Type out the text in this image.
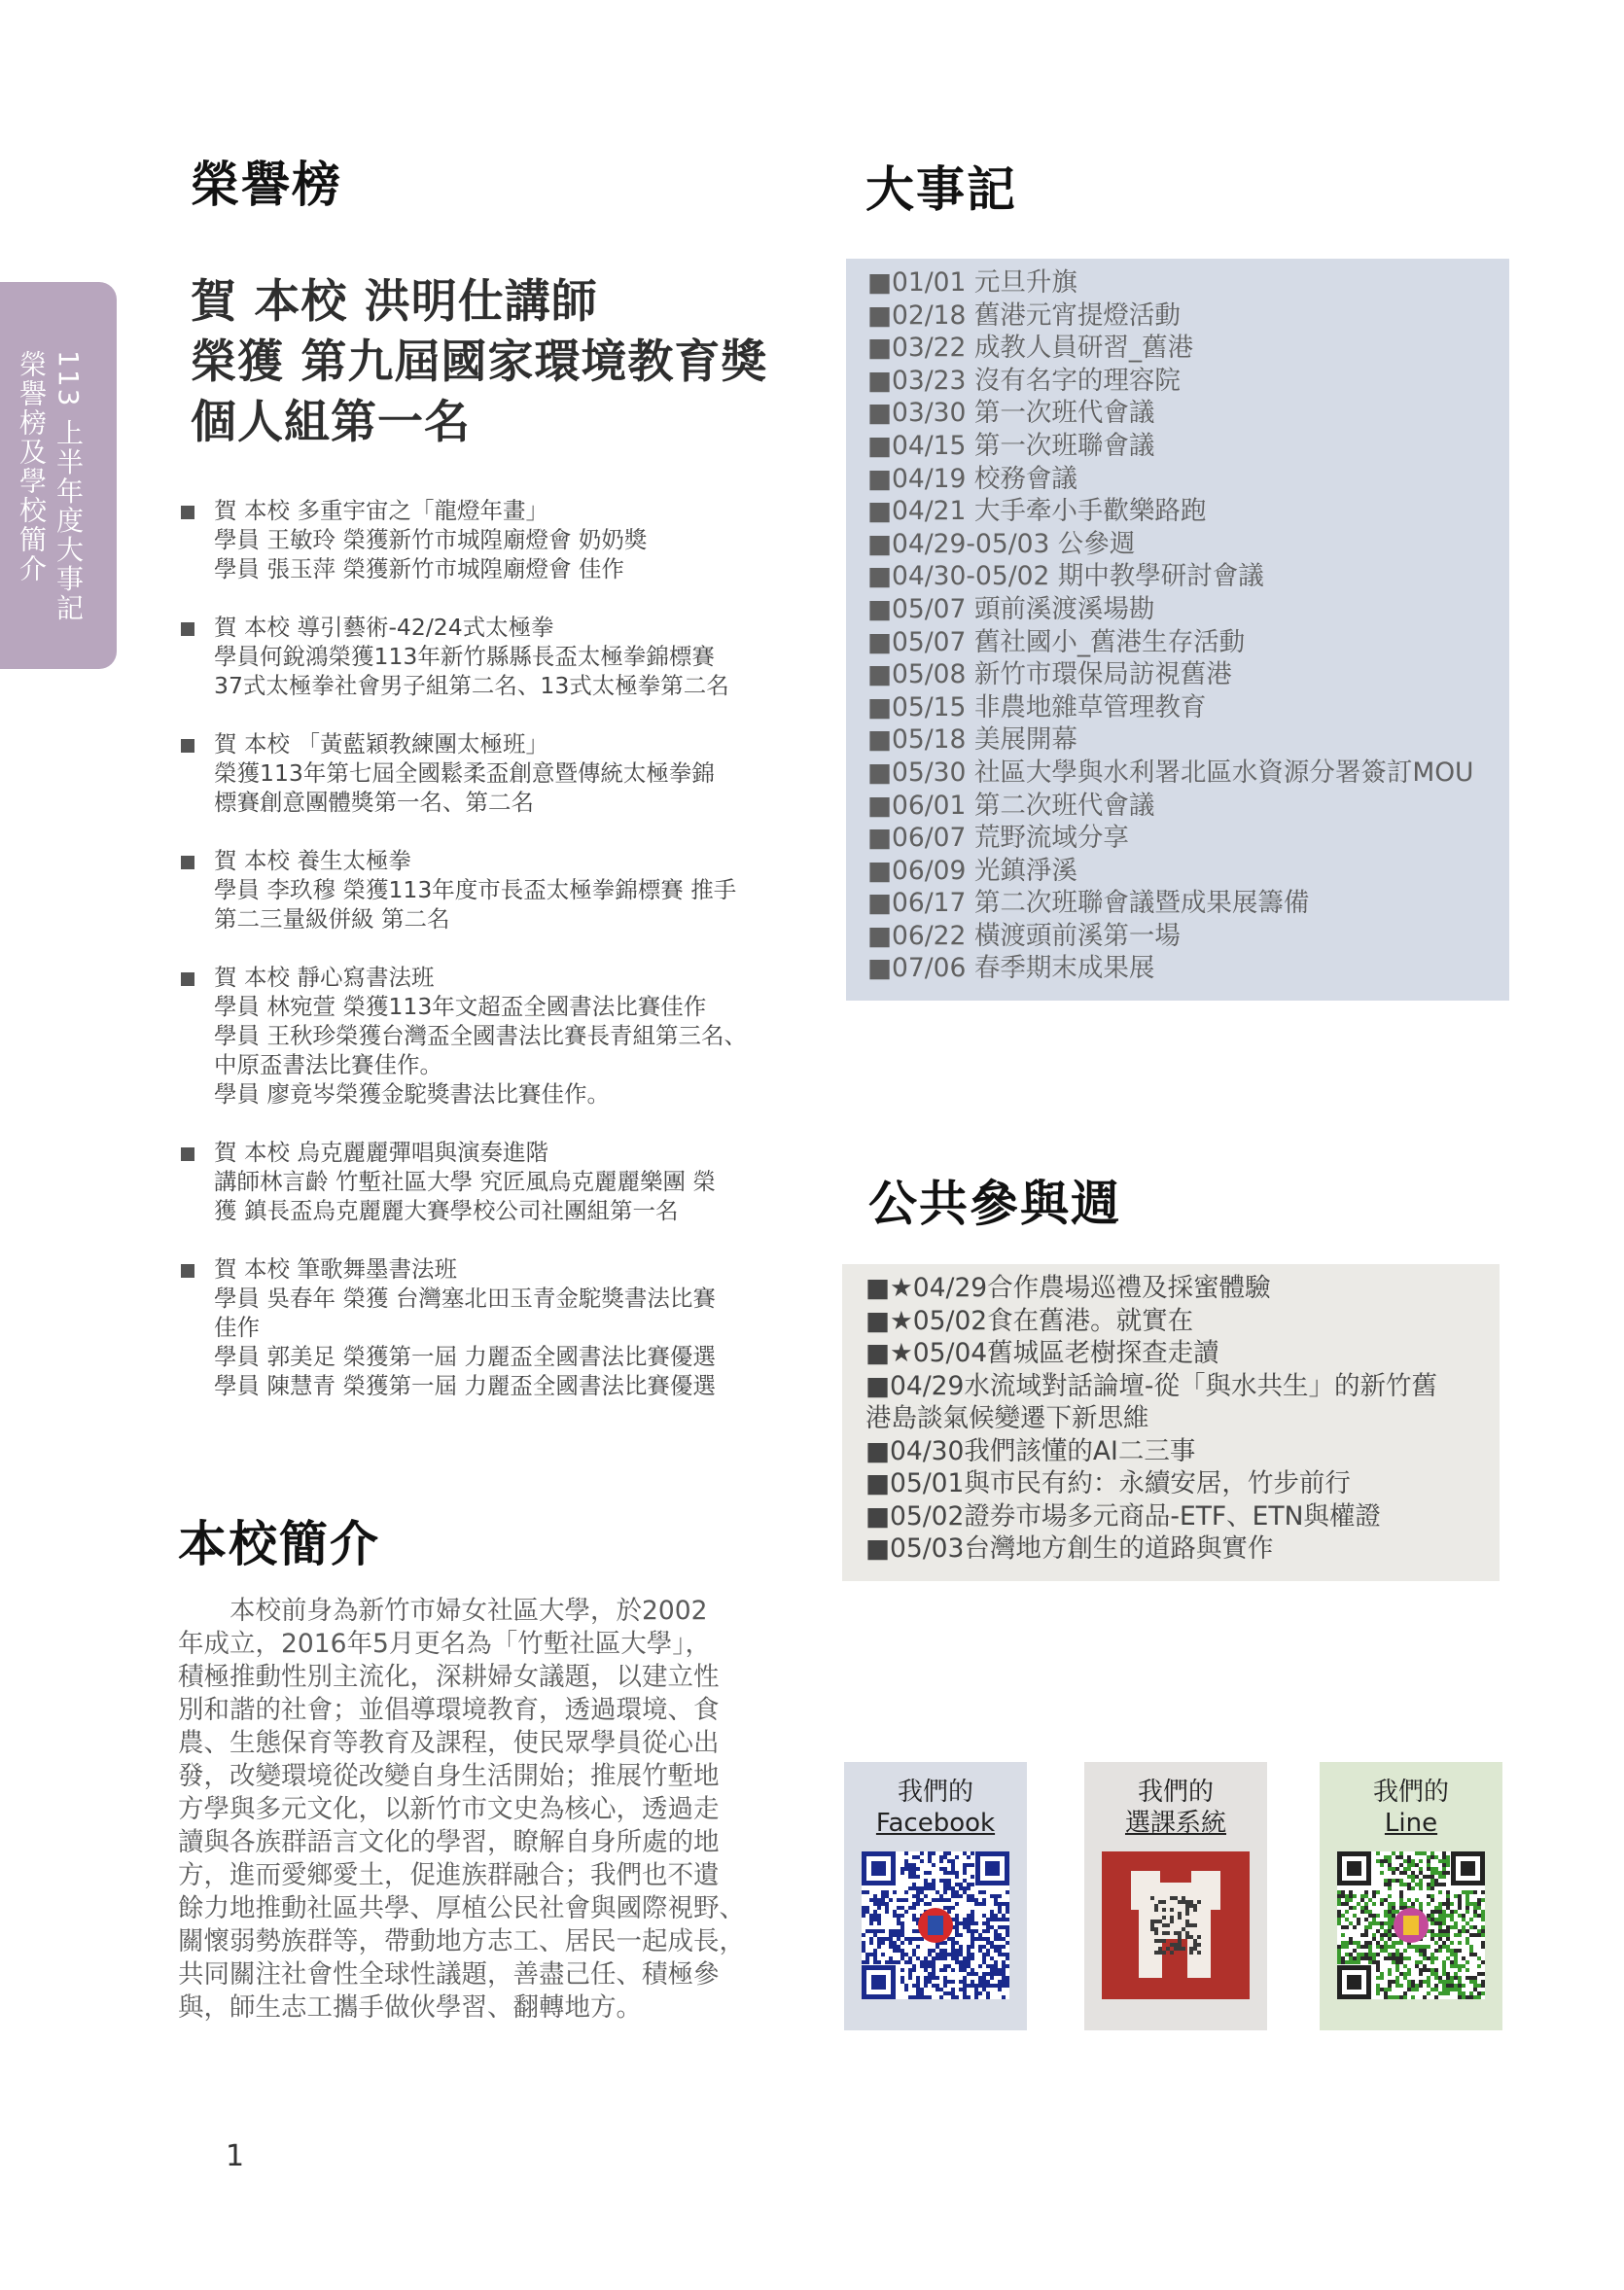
113 上半年度大事記
榮譽榜及學校簡介
榮譽榜
賀 本校 洪明仕講師
榮獲 第九屆國家環境教育獎
個人組第一名
賀 本校 多重宇宙之「龍燈年畫」
學員 王敏玲 榮獲新竹市城隍廟燈會 奶奶獎
學員 張玉萍 榮獲新竹市城隍廟燈會 佳作
賀 本校 導引藝術-42/24式太極拳
學員何銳鴻榮獲113年新竹縣縣長盃太極拳錦標賽
37式太極拳社會男子組第二名、13式太極拳第二名
賀 本校 「黃藍穎教練團太極班」
榮獲113年第七屆全國鬆柔盃創意暨傳統太極拳錦
標賽創意團體獎第一名、第二名
賀 本校 養生太極拳
學員 李玖穆 榮獲113年度市長盃太極拳錦標賽 推手
第二三量級併級 第二名
賀 本校 靜心寫書法班
學員 林宛萱 榮獲113年文超盃全國書法比賽佳作
學員 王秋珍榮獲台灣盃全國書法比賽長青組第三名、
中原盃書法比賽佳作。
學員 廖竟岑榮獲金駝獎書法比賽佳作。
賀 本校 烏克麗麗彈唱與演奏進階
講師林言齡 竹塹社區大學 究匠風烏克麗麗樂團 榮
獲 鎮長盃烏克麗麗大賽學校公司社團組第一名
賀 本校 筆歌舞墨書法班
學員 吳春年 榮獲 台灣塞北田玉青金駝獎書法比賽
佳作
學員 郭美足 榮獲第一屆 力麗盃全國書法比賽優選
學員 陳慧青 榮獲第一屆 力麗盃全國書法比賽優選
本校簡介
　　本校前身為新竹市婦女社區大學，於2002
年成立，2016年5月更名為「竹塹社區大學」，
積極推動性別主流化，深耕婦女議題，以建立性
別和諧的社會；並倡導環境教育，透過環境、食
農、生態保育等教育及課程，使民眾學員從心出
發，改變環境從改變自身生活開始；推展竹塹地
方學與多元文化，以新竹市文史為核心，透過走
讀與各族群語言文化的學習，瞭解自身所處的地
方，進而愛鄉愛土，促進族群融合；我們也不遺
餘力地推動社區共學、厚植公民社會與國際視野、
關懷弱勢族群等，帶動地方志工、居民一起成長，
共同關注社會性全球性議題，善盡己任、積極參
與，師生志工攜手做伙學習、翻轉地方。
1
大事記
■01/01 元旦升旗
■02/18 舊港元宵提燈活動
■03/22 成教人員研習_舊港
■03/23 沒有名字的理容院
■03/30 第一次班代會議
■04/15 第一次班聯會議
■04/19 校務會議
■04/21 大手牽小手歡樂路跑
■04/29-05/03 公參週
■04/30-05/02 期中教學研討會議
■05/07 頭前溪渡溪場勘
■05/07 舊社國小_舊港生存活動
■05/08 新竹市環保局訪視舊港
■05/15 非農地雜草管理教育
■05/18 美展開幕
■05/30 社區大學與水利署北區水資源分署簽訂MOU
■06/01 第二次班代會議
■06/07 荒野流域分享
■06/09 光鎮淨溪
■06/17 第二次班聯會議暨成果展籌備
■06/22 橫渡頭前溪第一場
■07/06 春季期末成果展
公共參與週
■★04/29合作農場巡禮及採蜜體驗
■★05/02食在舊港。就實在
■★05/04舊城區老樹探查走讀
■04/29水流域對話論壇-從「與水共生」的新竹舊
港島談氣候變遷下新思維
■04/30我們該懂的AI二三事
■05/01與市民有約：永續安居，竹步前行
■05/02證券市場多元商品-ETF、ETN與權證
■05/03台灣地方創生的道路與實作
我們的
Facebook
我們的
選課系統
我們的
Line
